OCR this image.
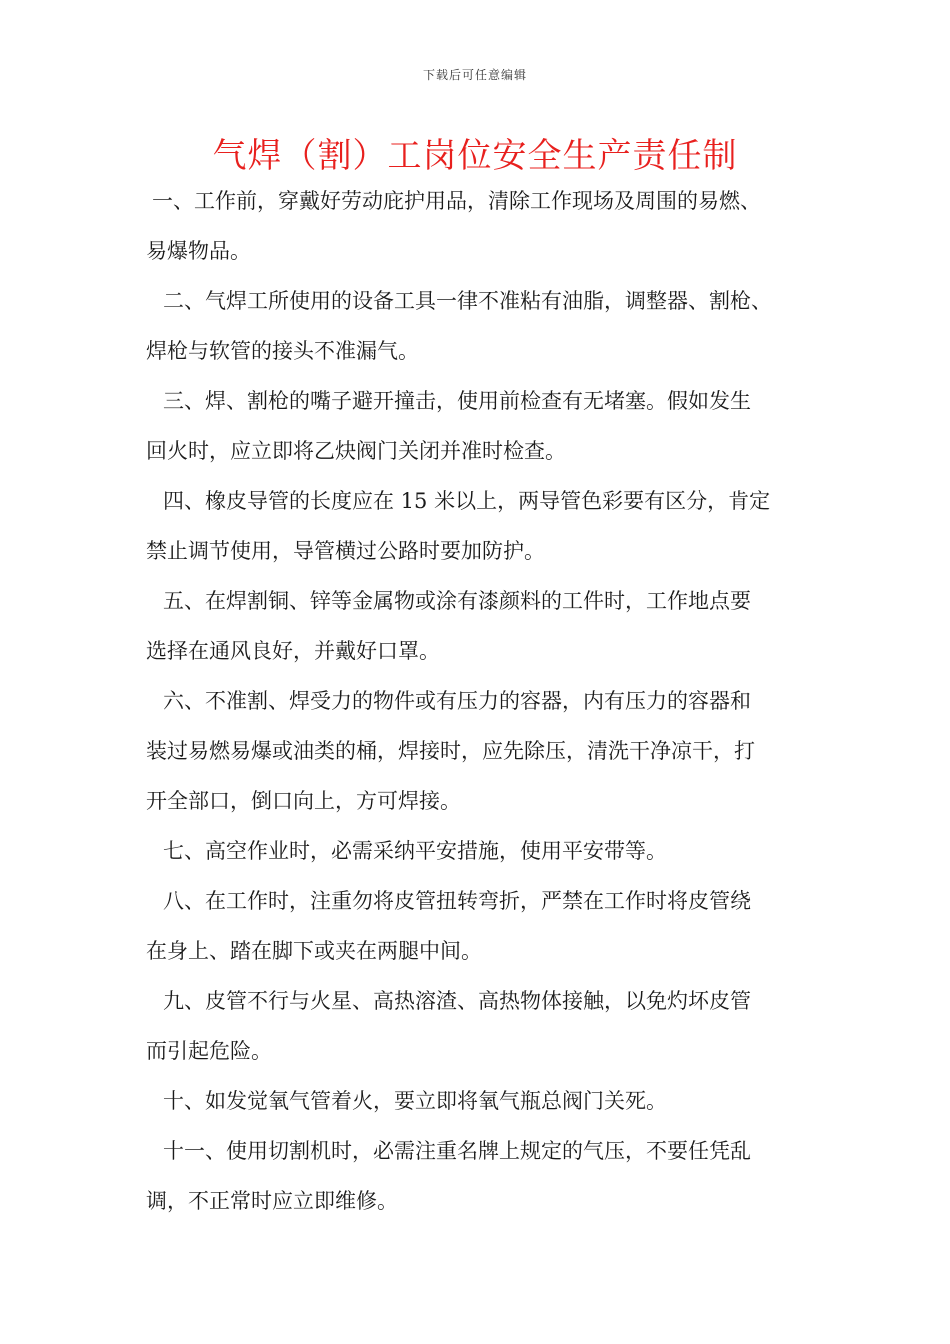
下载后可任意编辑
气焊（割）工岗位安全生产责任制
一、工作前，穿戴好劳动庇护用品，清除工作现场及周围的易燃、
易爆物品。
二、气焊工所使用的设备工具一律不准粘有油脂，调整器、割枪、
焊枪与软管的接头不准漏气。
三、焊、割枪的嘴子避开撞击，使用前检查有无堵塞。假如发生
回火时，应立即将乙炔阀门关闭并准时检查。
四、橡皮导管的长度应在 15 米以上，两导管色彩要有区分，肯定
禁止调节使用，导管横过公路时要加防护。
五、在焊割铜、锌等金属物或涂有漆颜料的工件时，工作地点要
选择在通风良好，并戴好口罩。
六、不准割、焊受力的物件或有压力的容器，内有压力的容器和
装过易燃易爆或油类的桶，焊接时，应先除压，清洗干净凉干，打
开全部口，倒口向上，方可焊接。
七、高空作业时，必需采纳平安措施，使用平安带等。
八、在工作时，注重勿将皮管扭转弯折，严禁在工作时将皮管绕
在身上、踏在脚下或夹在两腿中间。
九、皮管不行与火星、高热溶渣、高热物体接触，以免灼坏皮管
而引起危险。
十、如发觉氧气管着火，要立即将氧气瓶总阀门关死。
十一、使用切割机时，必需注重名牌上规定的气压，不要任凭乱
调，不正常时应立即维修。
